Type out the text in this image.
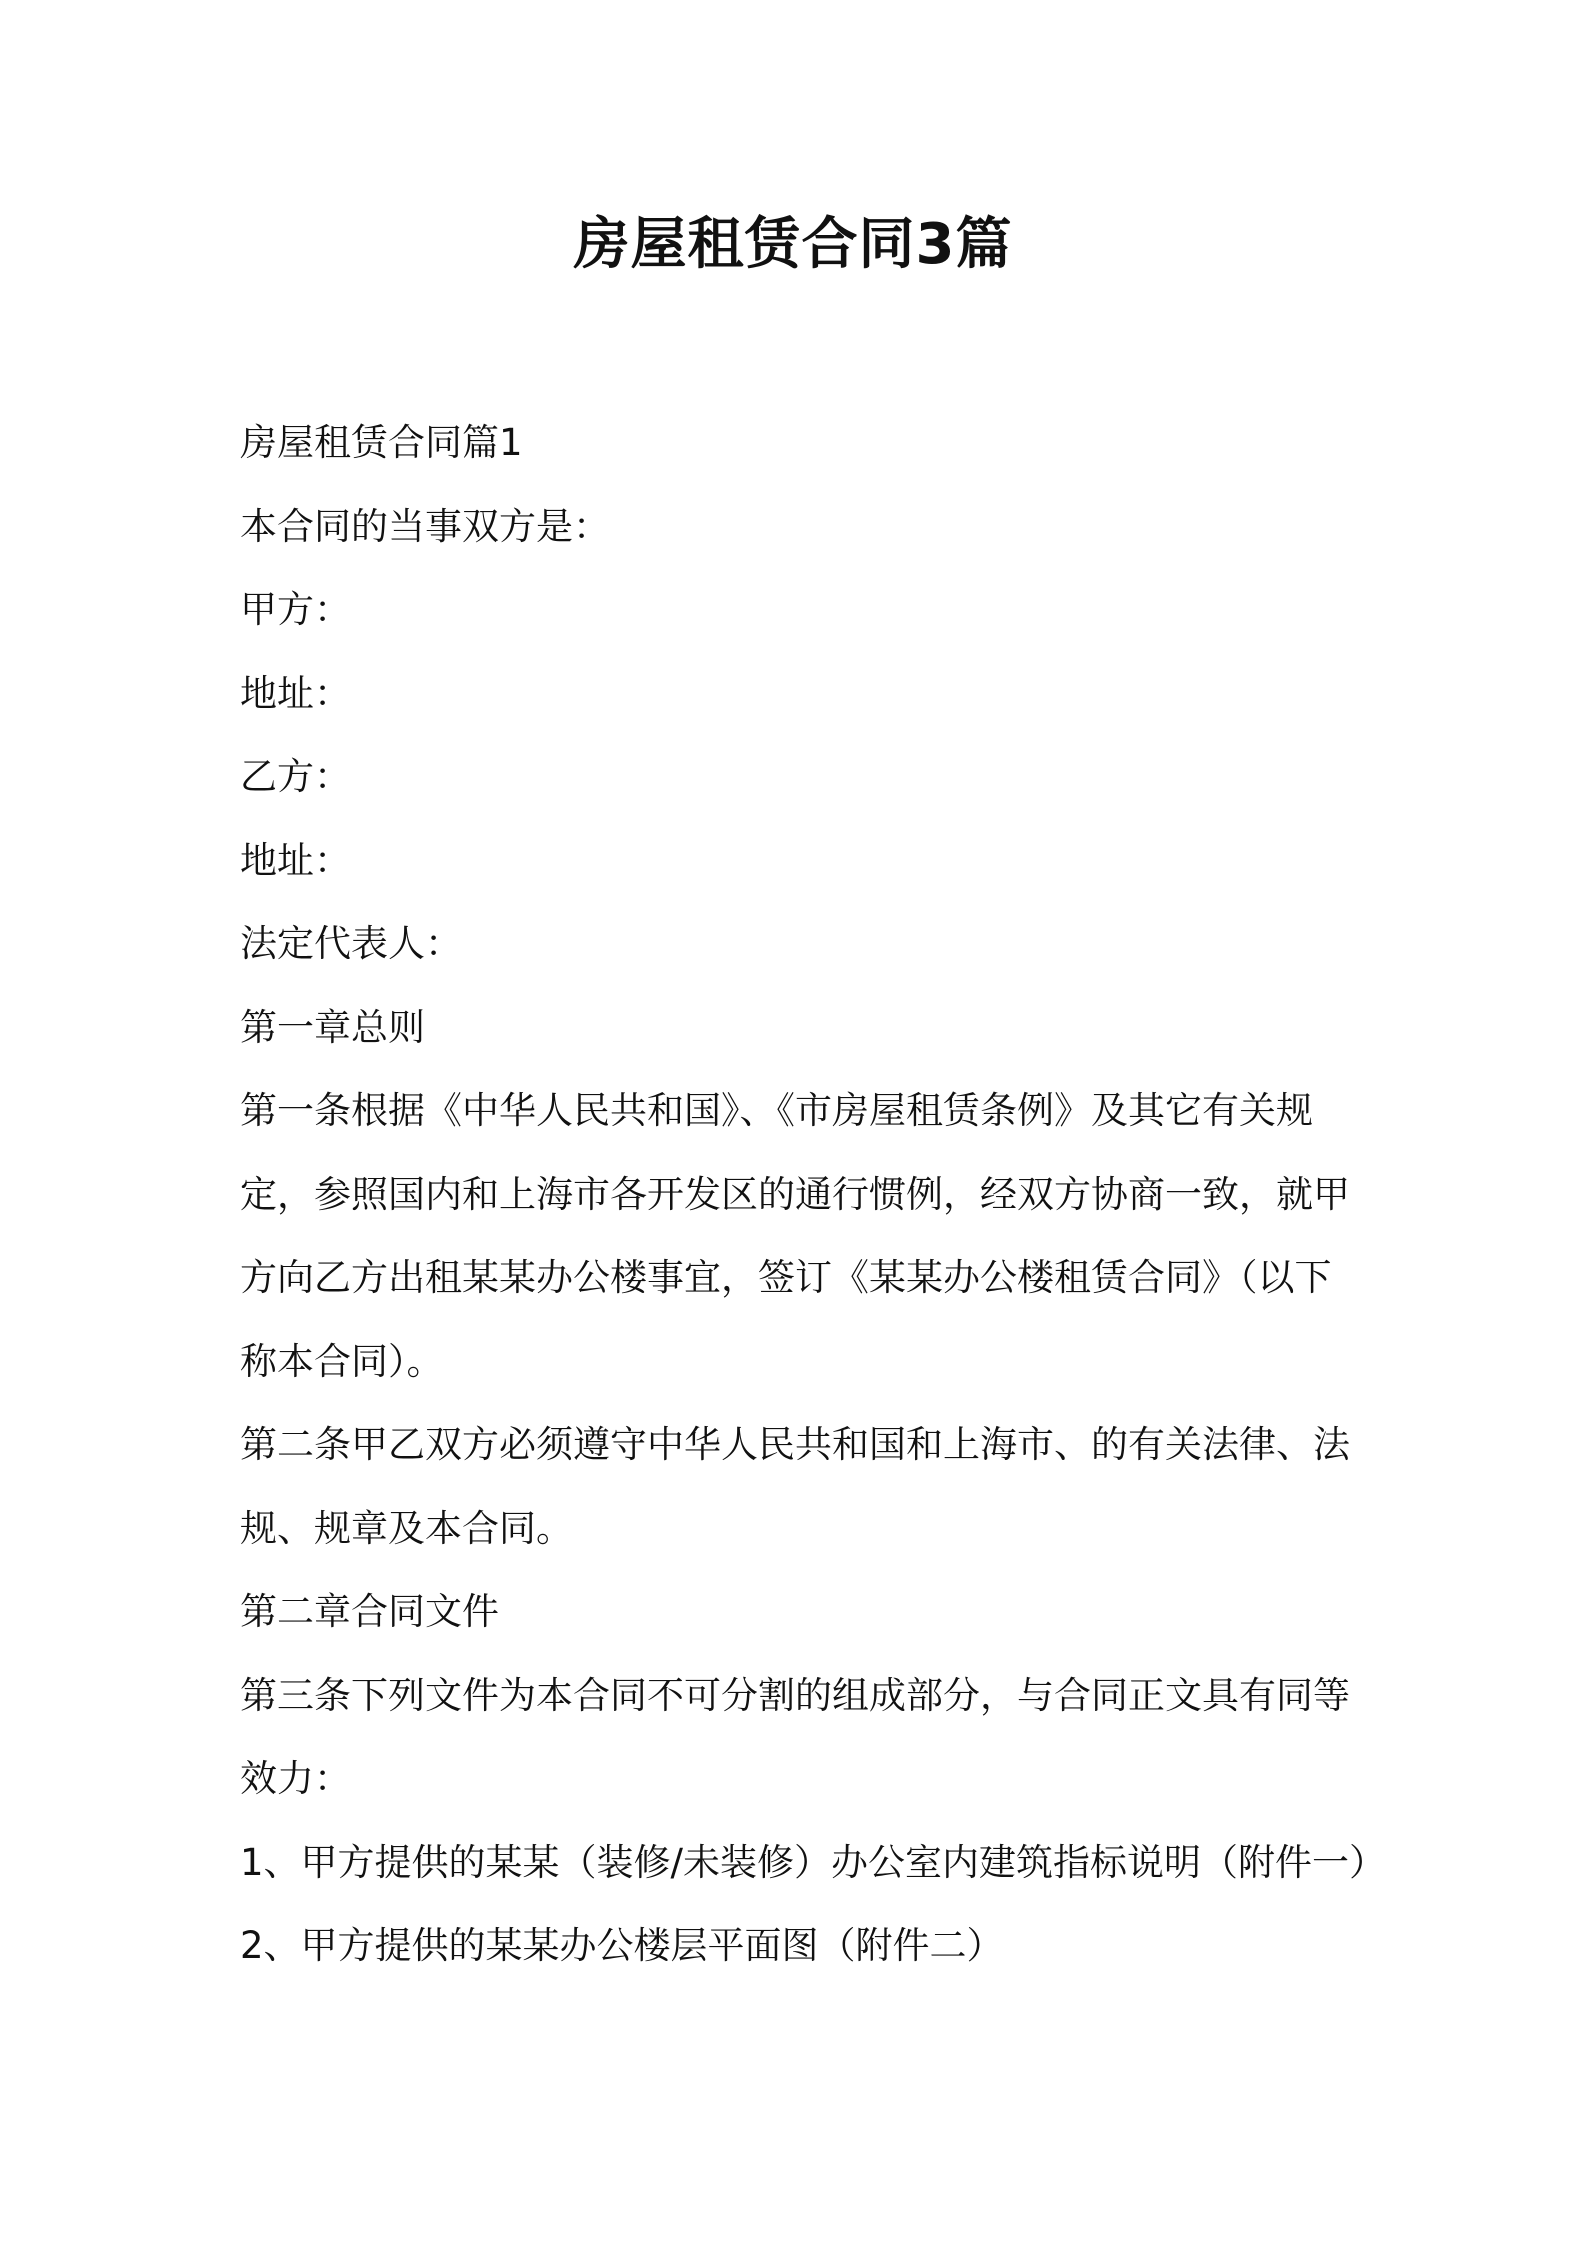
房屋租赁合同3篇

房屋租赁合同篇1

本合同的当事双方是：

甲方：

地址：

乙方：

地址：

法定代表人：

第一章总则

第一条根据《中华人民共和国》、《市房屋租赁条例》及其它有关规定，参照国内和上海市各开发区的通行惯例，经双方协商一致，就甲方向乙方出租某某办公楼事宜，签订《某某办公楼租赁合同》（以下称本合同）。

第二条甲乙双方必须遵守中华人民共和国和上海市、的有关法律、法规、规章及本合同。

第二章合同文件

第三条下列文件为本合同不可分割的组成部分，与合同正文具有同等效力：

1、甲方提供的某某（装修/未装修）办公室内建筑指标说明（附件一）

2、甲方提供的某某办公楼层平面图（附件二）
